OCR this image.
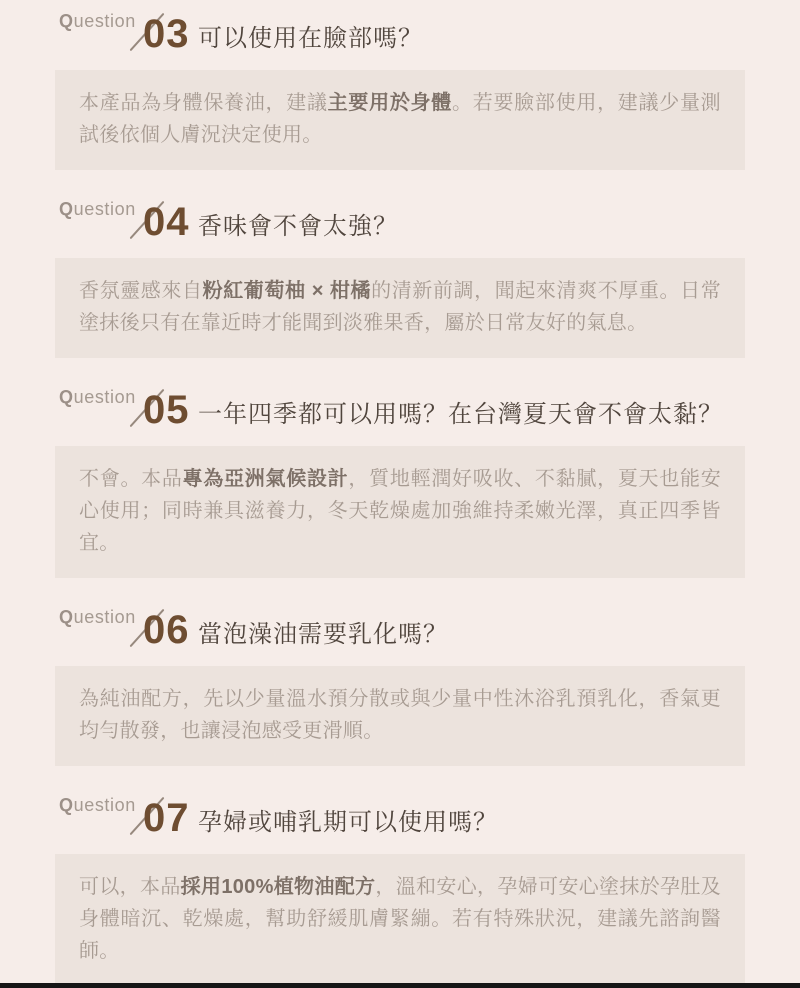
Question 03 可以使用在臉部嗎？
本產品為身體保養油，建議主要用於身體。若要臉部使用，建議少量測試後依個人膚況決定使用。
Question 04 香味會不會太強？
香氛靈感來自粉紅葡萄柚 × 柑橘的清新前調，聞起來清爽不厚重。日常塗抹後只有在靠近時才能聞到淡雅果香，屬於日常友好的氣息。
Question 05 一年四季都可以用嗎？在台灣夏天會不會太黏？
不會。本品專為亞洲氣候設計，質地輕潤好吸收、不黏膩，夏天也能安心使用；同時兼具滋養力，冬天乾燥處加強維持柔嫩光澤，真正四季皆宜。
Question 06 當泡澡油需要乳化嗎？
為純油配方，先以少量溫水預分散或與少量中性沐浴乳預乳化，香氣更均勻散發，也讓浸泡感受更滑順。
Question 07 孕婦或哺乳期可以使用嗎？
可以，本品採用100%植物油配方，溫和安心，孕婦可安心塗抹於孕肚及身體暗沉、乾燥處，幫助舒緩肌膚緊繃。若有特殊狀況，建議先諮詢醫師。
